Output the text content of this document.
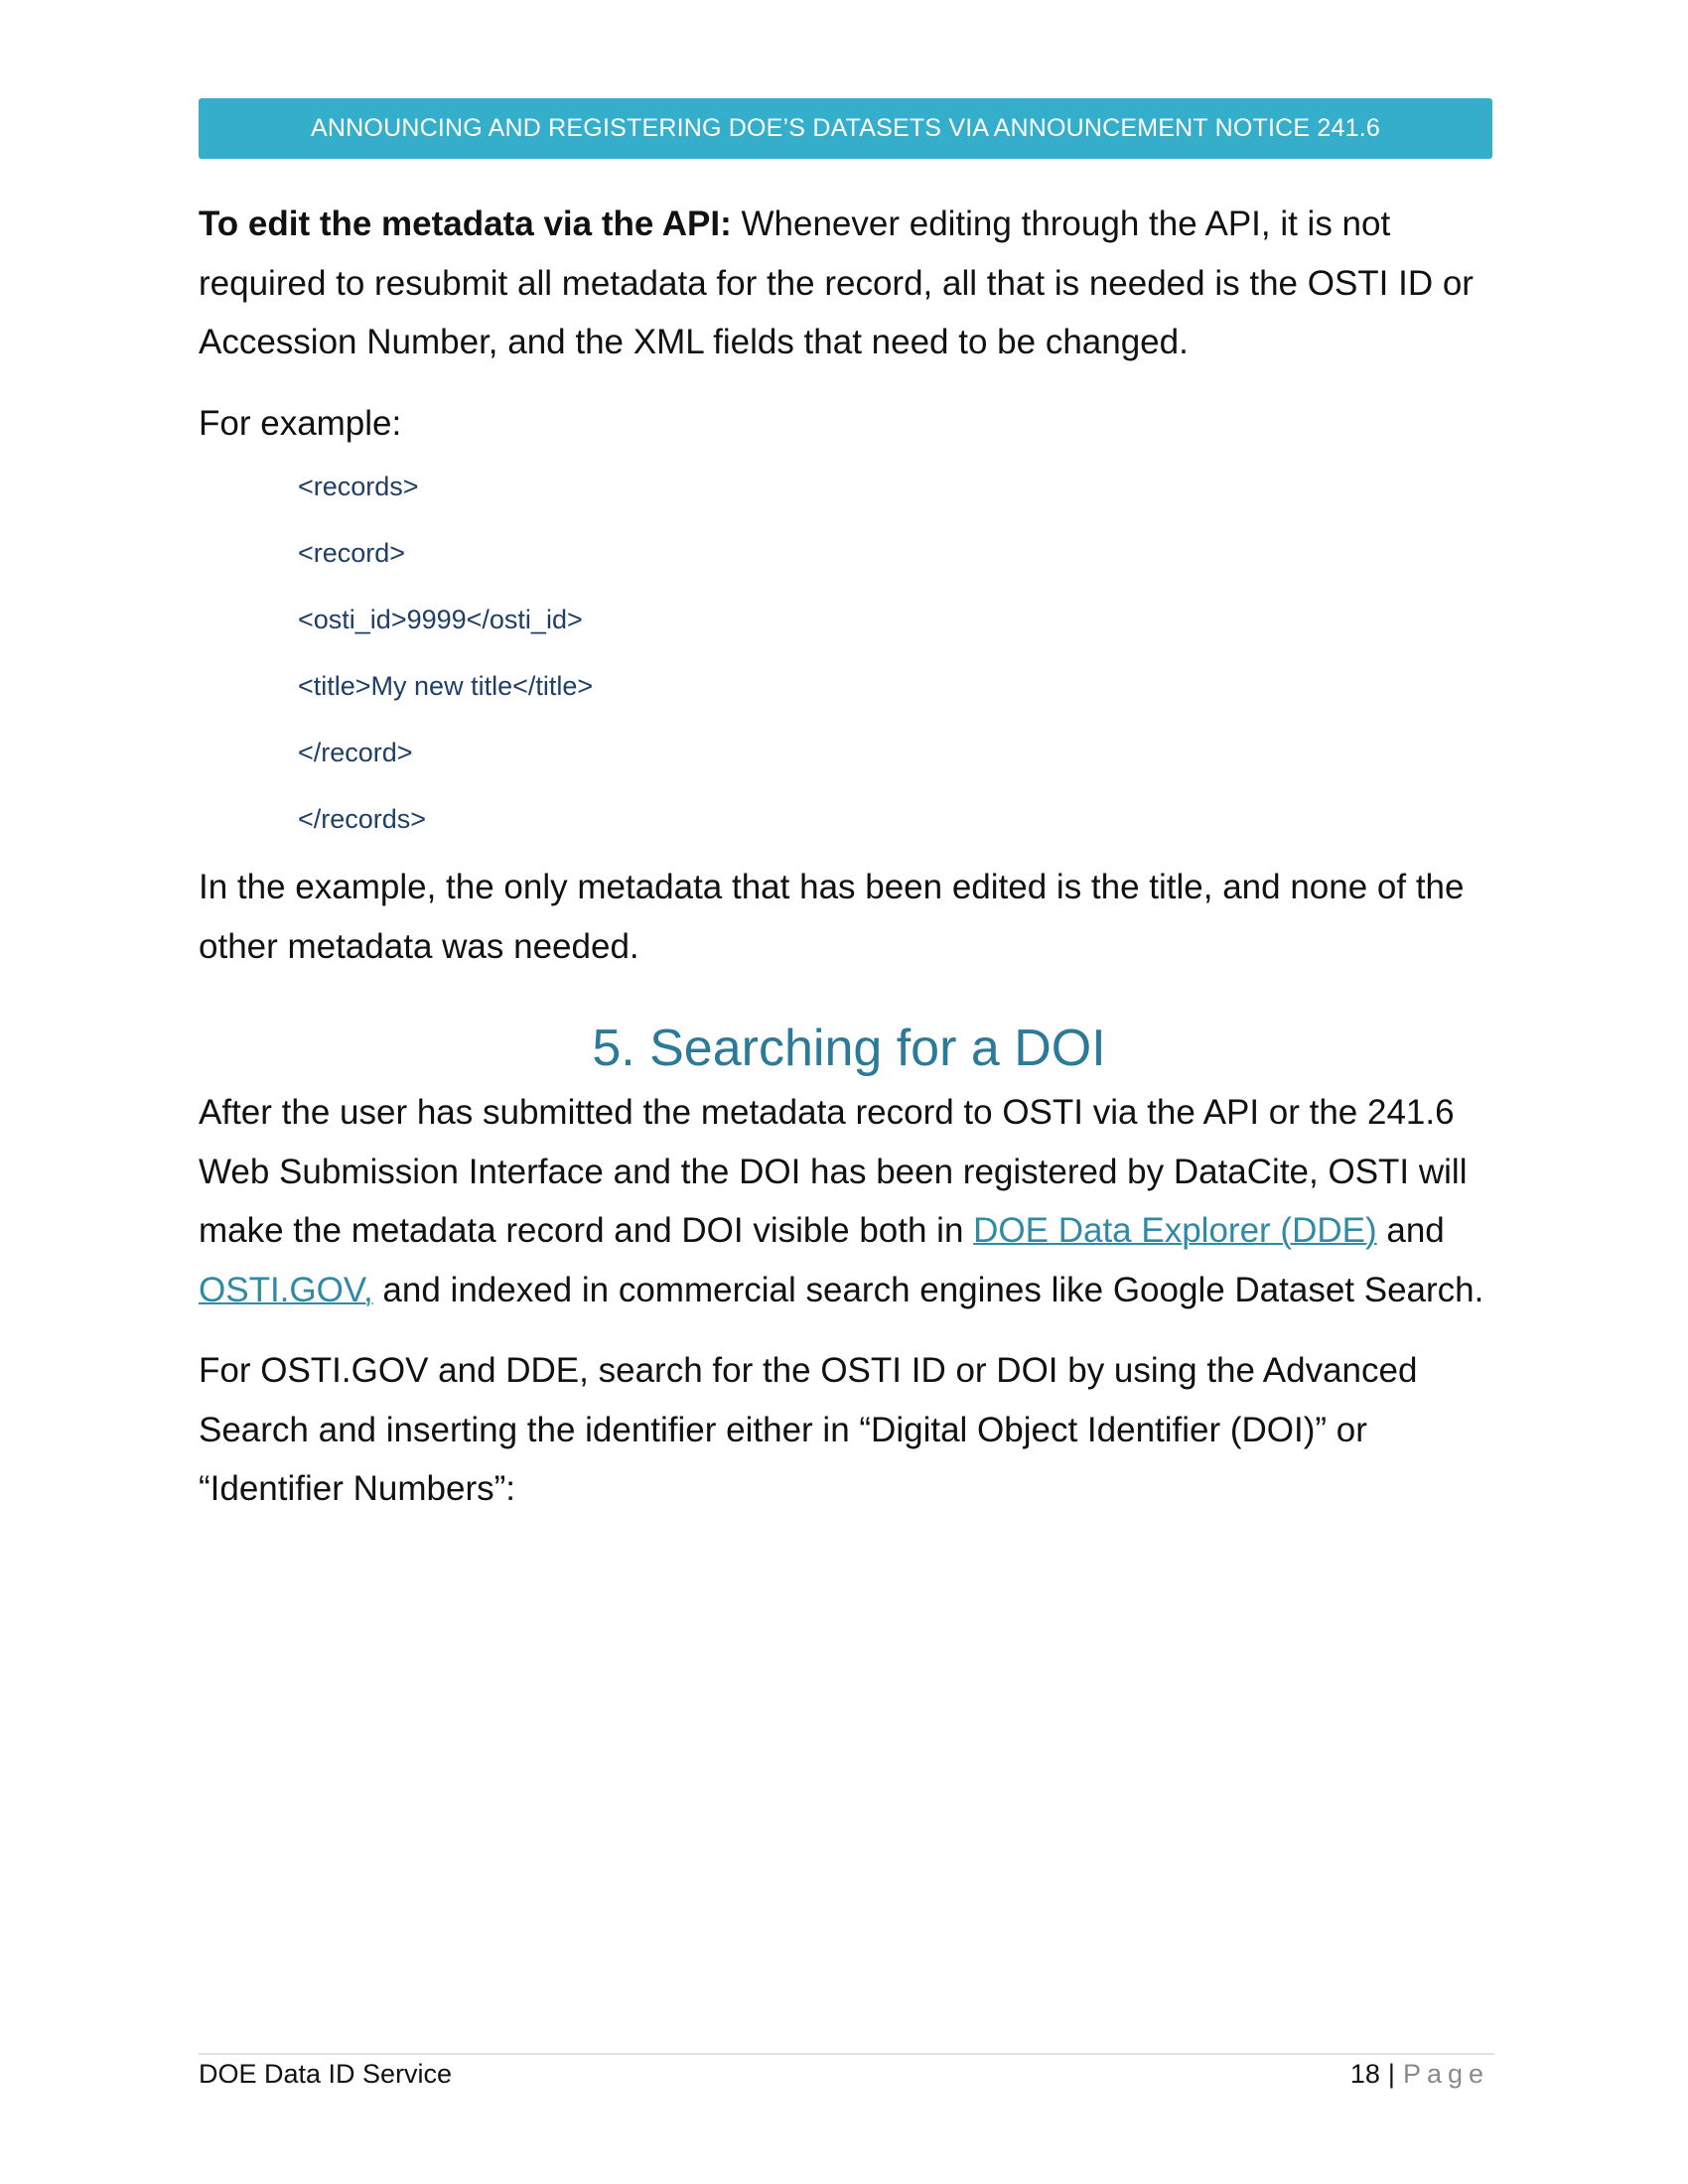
ANNOUNCING AND REGISTERING DOE’S DATASETS VIA ANNOUNCEMENT NOTICE 241.6

To edit the metadata via the API: Whenever editing through the API, it is not required to resubmit all metadata for the record, all that is needed is the OSTI ID or Accession Number, and the XML fields that need to be changed.

For example:

<records>
<record>
<osti_id>9999</osti_id>
<title>My new title</title>
</record>
</records>

In the example, the only metadata that has been edited is the title, and none of the other metadata was needed.

5. Searching for a DOI

After the user has submitted the metadata record to OSTI via the API or the 241.6 Web Submission Interface and the DOI has been registered by DataCite, OSTI will make the metadata record and DOI visible both in DOE Data Explorer (DDE) and OSTI.GOV, and indexed in commercial search engines like Google Dataset Search.

For OSTI.GOV and DDE, search for the OSTI ID or DOI by using the Advanced Search and inserting the identifier either in “Digital Object Identifier (DOI)” or “Identifier Numbers”:

DOE Data ID Service	18 | Page
